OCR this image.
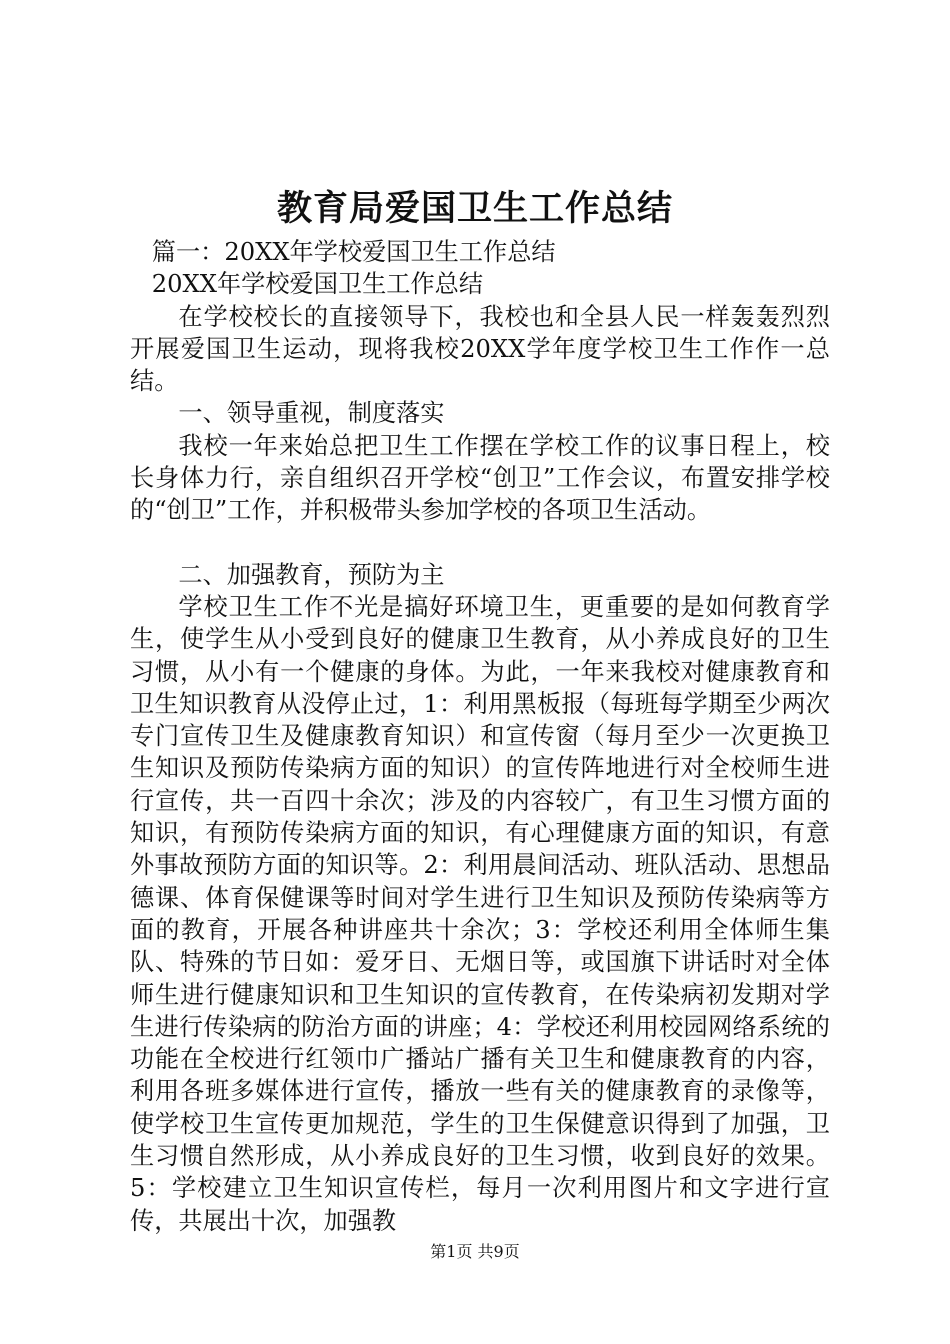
教育局爱国卫生工作总结

篇一：20XX年学校爱国卫生工作总结

20XX年学校爱国卫生工作总结

在学校校长的直接领导下，我校也和全县人民一样轰轰烈烈开展爱国卫生运动，现将我校20XX学年度学校卫生工作作一总结。

一、领导重视，制度落实

我校一年来始总把卫生工作摆在学校工作的议事日程上，校长身体力行，亲自组织召开学校“创卫”工作会议，布置安排学校的“创卫”工作，并积极带头参加学校的各项卫生活动。

二、加强教育，预防为主

学校卫生工作不光是搞好环境卫生，更重要的是如何教育学生，使学生从小受到良好的健康卫生教育，从小养成良好的卫生习惯，从小有一个健康的身体。为此，一年来我校对健康教育和卫生知识教育从没停止过，1：利用黑板报（每班每学期至少两次专门宣传卫生及健康教育知识）和宣传窗（每月至少一次更换卫生知识及预防传染病方面的知识）的宣传阵地进行对全校师生进行宣传，共一百四十余次；涉及的内容较广，有卫生习惯方面的知识，有预防传染病方面的知识，有心理健康方面的知识，有意外事故预防方面的知识等。2：利用晨间活动、班队活动、思想品德课、体育保健课等时间对学生进行卫生知识及预防传染病等方面的教育，开展各种讲座共十余次；3：学校还利用全体师生集队、特殊的节日如：爱牙日、无烟日等，或国旗下讲话时对全体师生进行健康知识和卫生知识的宣传教育，在传染病初发期对学生进行传染病的防治方面的讲座；4：学校还利用校园网络系统的功能在全校进行红领巾广播站广播有关卫生和健康教育的内容，利用各班多媒体进行宣传，播放一些有关的健康教育的录像等，使学校卫生宣传更加规范，学生的卫生保健意识得到了加强，卫生习惯自然形成，从小养成良好的卫生习惯，收到良好的效果。5：学校建立卫生知识宣传栏，每月一次利用图片和文字进行宣传，共展出十次，加强教

第1页 共9页
